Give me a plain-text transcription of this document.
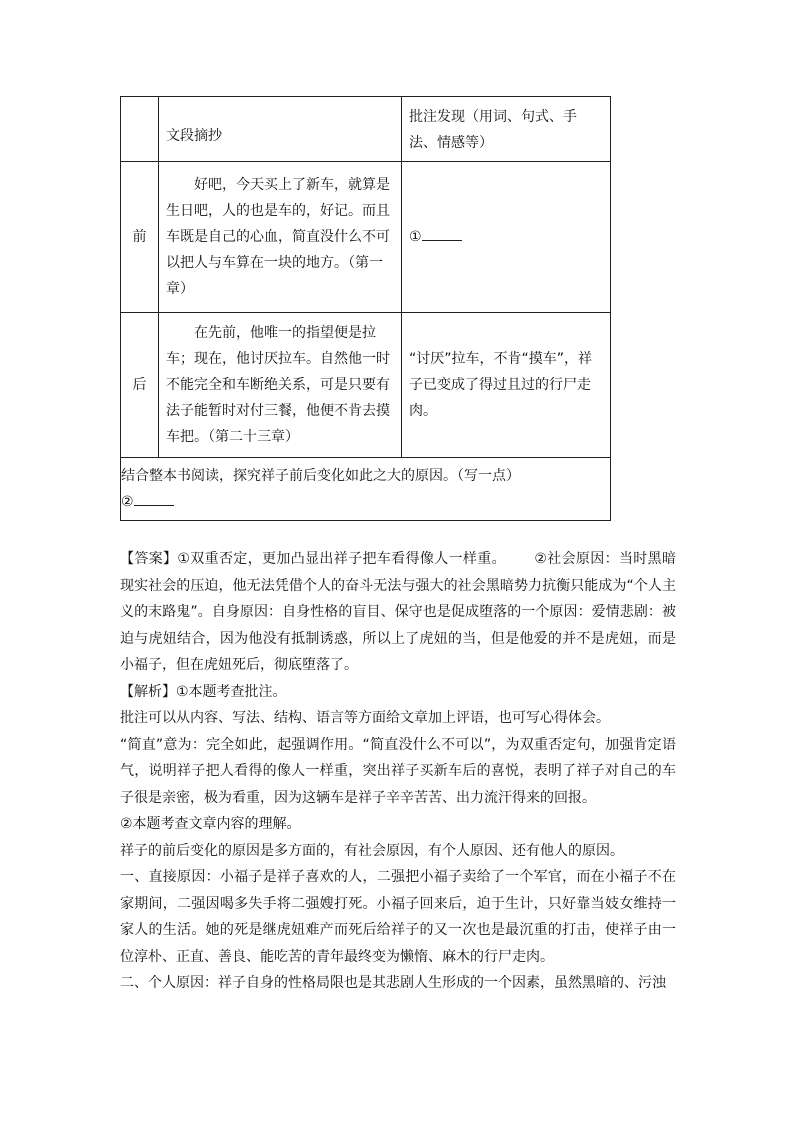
	文段摘抄	批注发现（用词、句式、手法、情感等）

前	好吧，今天买上了新车，就算是生日吧，人的也是车的，好记。而且车既是自己的心血，简直没什么不可以把人与车算在一块的地方。（第一章）	①

后	在先前，他唯一的指望便是拉车；现在，他讨厌拉车。自然他一时不能完全和车断绝关系，可是只要有法子能暂时对付三餐，他便不肯去摸车把。（第二十三章）	“讨厌”拉车，不肯“摸车”，祥子已变成了得过且过的行尸走肉。

结合整本书阅读，探究祥子前后变化如此之大的原因。（写一点）
②		

【答案】①双重否定，更加凸显出祥子把车看得像人一样重。 ②社会原因：当时黑暗现实社会的压迫，他无法凭借个人的奋斗无法与强大的社会黑暗势力抗衡只能成为“个人主义的末路鬼”。自身原因：自身性格的盲目、保守也是促成堕落的一个原因：爱情悲剧：被迫与虎妞结合，因为他没有抵制诱惑，所以上了虎妞的当，但是他爱的并不是虎妞，而是小福子，但在虎妞死后，彻底堕落了。

【解析】①本题考查批注。

批注可以从内容、写法、结构、语言等方面给文章加上评语，也可写心得体会。

“简直”意为：完全如此，起强调作用。“简直没什么不可以”，为双重否定句，加强肯定语气，说明祥子把人看得的像人一样重，突出祥子买新车后的喜悦，表明了祥子对自己的车子很是亲密，极为看重，因为这辆车是祥子辛辛苦苦、出力流汗得来的回报。

②本题考查文章内容的理解。

祥子的前后变化的原因是多方面的，有社会原因，有个人原因、还有他人的原因。

一、直接原因：小福子是祥子喜欢的人，二强把小福子卖给了一个军官，而在小福子不在家期间，二强因喝多失手将二强嫂打死。小福子回来后，迫于生计，只好靠当妓女维持一家人的生活。她的死是继虎妞难产而死后给祥子的又一次也是最沉重的打击，使祥子由一位淳朴、正直、善良、能吃苦的青年最终变为懒惰、麻木的行尸走肉。

二、个人原因：祥子自身的性格局限也是其悲剧人生形成的一个因素，虽然黑暗的、污浊
